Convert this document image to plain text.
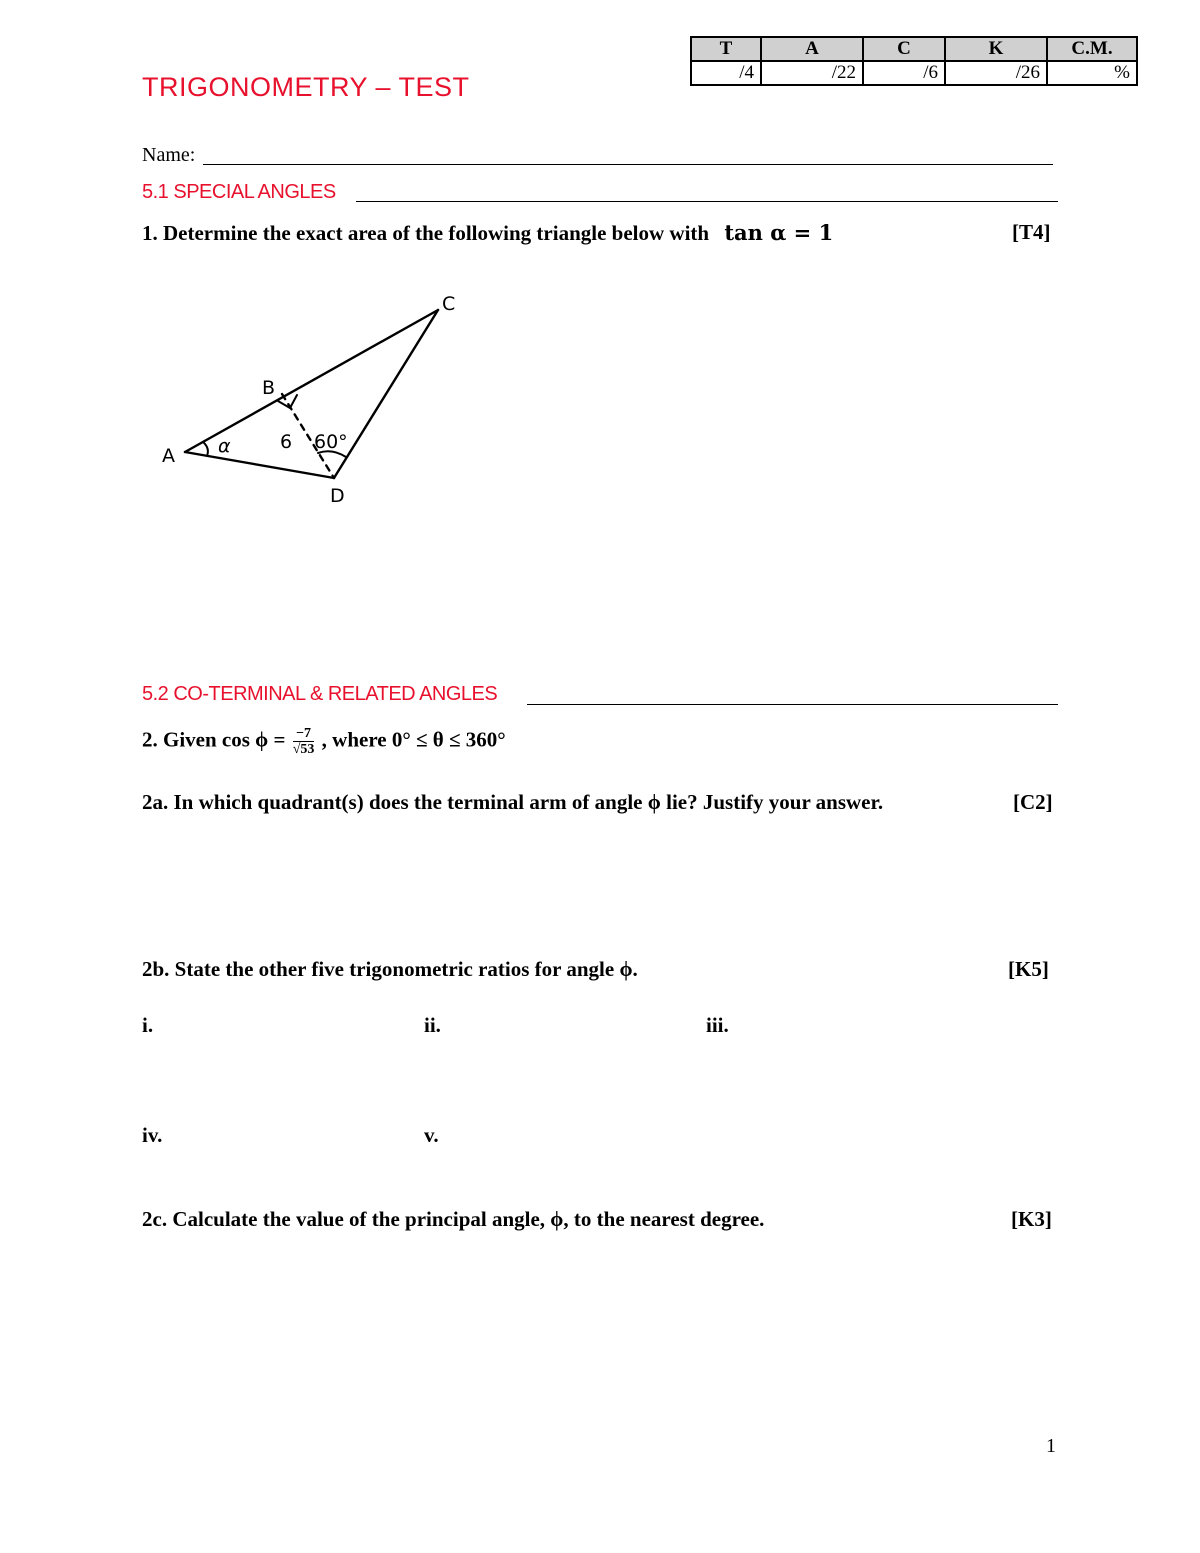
TRIGONOMETRY – TEST
T	A	C	K	C.M.
/4	/22	/6	/26	%
Name:
5.1 SPECIAL ANGLES
1. Determine the exact area of the following triangle below with tan α = 1	[T4]
A
B
C
D
α	6 60°
5.2 CO-TERMINAL & RELATED ANGLES
2. Given $\cos \phi = \frac{-7}{√53}$ , where 0° ≤ θ ≤ 360°
2a. In which quadrant(s) does the terminal arm of angle ϕ lie? Justify your answer.	[C2]
2b. State the other five trigonometric ratios for angle ϕ.	[K5]
i.	ii.	iii.
iv.	v.
2c. Calculate the value of the principal angle, ϕ, to the nearest degree.	[K3]
1
